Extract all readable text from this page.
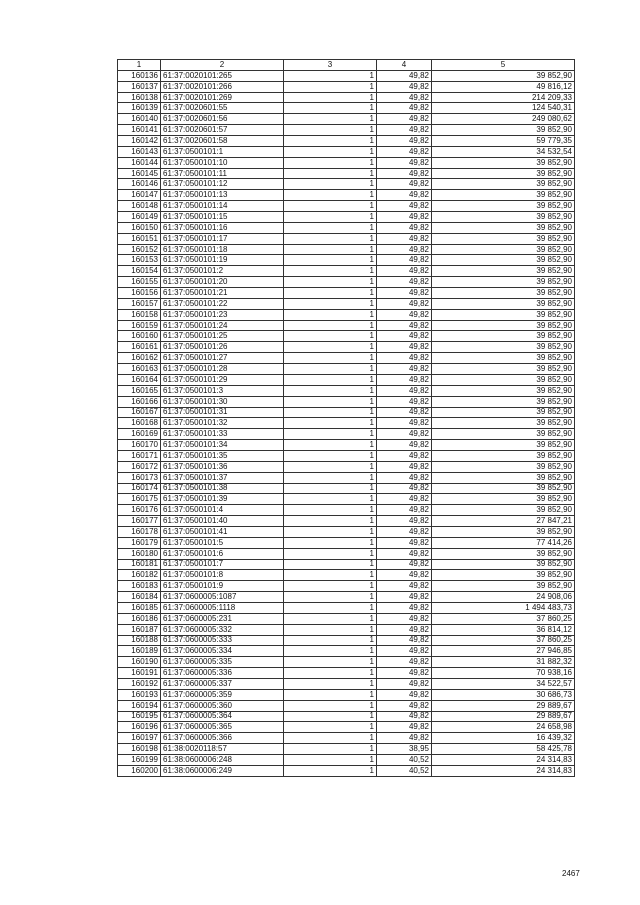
1	2	3	4	5
160136	61:37:0020101:265	1	49,82	39 852,90
160137	61:37:0020101:266	1	49,82	49 816,12
160138	61:37:0020101:269	1	49,82	214 209,33
160139	61:37:0020601:55	1	49,82	124 540,31
160140	61:37:0020601:56	1	49,82	249 080,62
160141	61:37:0020601:57	1	49,82	39 852,90
160142	61:37:0020601:58	1	49,82	59 779,35
160143	61:37:0500101:1	1	49,82	34 532,54
160144	61:37:0500101:10	1	49,82	39 852,90
160145	61:37:0500101:11	1	49,82	39 852,90
160146	61:37:0500101:12	1	49,82	39 852,90
160147	61:37:0500101:13	1	49,82	39 852,90
160148	61:37:0500101:14	1	49,82	39 852,90
160149	61:37:0500101:15	1	49,82	39 852,90
160150	61:37:0500101:16	1	49,82	39 852,90
160151	61:37:0500101:17	1	49,82	39 852,90
160152	61:37:0500101:18	1	49,82	39 852,90
160153	61:37:0500101:19	1	49,82	39 852,90
160154	61:37:0500101:2	1	49,82	39 852,90
160155	61:37:0500101:20	1	49,82	39 852,90
160156	61:37:0500101:21	1	49,82	39 852,90
160157	61:37:0500101:22	1	49,82	39 852,90
160158	61:37:0500101:23	1	49,82	39 852,90
160159	61:37:0500101:24	1	49,82	39 852,90
160160	61:37:0500101:25	1	49,82	39 852,90
160161	61:37:0500101:26	1	49,82	39 852,90
160162	61:37:0500101:27	1	49,82	39 852,90
160163	61:37:0500101:28	1	49,82	39 852,90
160164	61:37:0500101:29	1	49,82	39 852,90
160165	61:37:0500101:3	1	49,82	39 852,90
160166	61:37:0500101:30	1	49,82	39 852,90
160167	61:37:0500101:31	1	49,82	39 852,90
160168	61:37:0500101:32	1	49,82	39 852,90
160169	61:37:0500101:33	1	49,82	39 852,90
160170	61:37:0500101:34	1	49,82	39 852,90
160171	61:37:0500101:35	1	49,82	39 852,90
160172	61:37:0500101:36	1	49,82	39 852,90
160173	61:37:0500101:37	1	49,82	39 852,90
160174	61:37:0500101:38	1	49,82	39 852,90
160175	61:37:0500101:39	1	49,82	39 852,90
160176	61:37:0500101:4	1	49,82	39 852,90
160177	61:37:0500101:40	1	49,82	27 847,21
160178	61:37:0500101:41	1	49,82	39 852,90
160179	61:37:0500101:5	1	49,82	77 414,26
160180	61:37:0500101:6	1	49,82	39 852,90
160181	61:37:0500101:7	1	49,82	39 852,90
160182	61:37:0500101:8	1	49,82	39 852,90
160183	61:37:0500101:9	1	49,82	39 852,90
160184	61:37:0600005:1087	1	49,82	24 908,06
160185	61:37:0600005:1118	1	49,82	1 494 483,73
160186	61:37:0600005:231	1	49,82	37 860,25
160187	61:37:0600005:332	1	49,82	36 814,12
160188	61:37:0600005:333	1	49,82	37 860,25
160189	61:37:0600005:334	1	49,82	27 946,85
160190	61:37:0600005:335	1	49,82	31 882,32
160191	61:37:0600005:336	1	49,82	70 938,16
160192	61:37:0600005:337	1	49,82	34 522,57
160193	61:37:0600005:359	1	49,82	30 686,73
160194	61:37:0600005:360	1	49,82	29 889,67
160195	61:37:0600005:364	1	49,82	29 889,67
160196	61:37:0600005:365	1	49,82	24 658,98
160197	61:37:0600005:366	1	49,82	16 439,32
160198	61:38:0020118:57	1	38,95	58 425,78
160199	61:38:0600006:248	1	40,52	24 314,83
160200	61:38:0600006:249	1	40,52	24 314,83
2467
